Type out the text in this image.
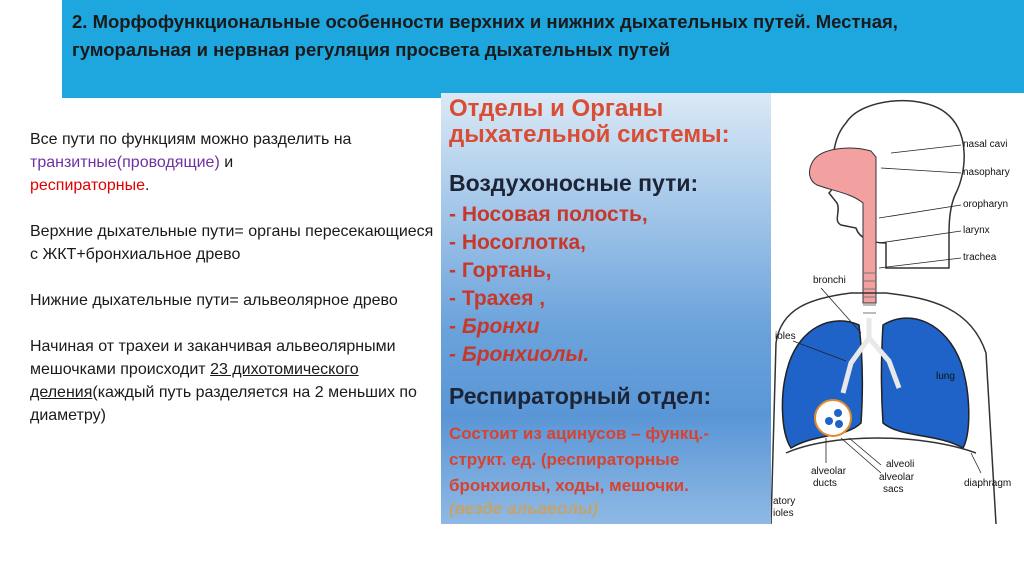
2. Морфофункциональные особенности верхних и нижних дыхательных путей. Местная, гуморальная и нервная регуляция просвета дыхательных путей

Все пути по функциям можно разделить на транзитные(проводящие) и
респираторные.

Верхние дыхательные пути= органы пересекающиеся с ЖКТ+бронхиальное древо

Нижние дыхательные пути= альвеолярное древо

Начиная от трахеи и заканчивая альвеолярными мешочками происходит 23 дихотомического деления(каждый путь разделяется на 2 меньших по диаметру)

Отделы и Органы
дыхательной системы:
Воздухоносные пути:
- Носовая полость,
- Носоглотка,
- Гортань,
- Трахея ,
- Бронхи
- Бронхиолы.
Респираторный отдел:
Состоит из ацинусов – функц.-
структ. ед. (респираторные
бронхиолы, ходы, мешочки.
(везде альвеолы)
nasal cavi
nasophary
oropharyn
larynx
trachea
bronchi
ioles
lung
alveoli
alveolar
ducts
alveolar
sacs
diaphragm
atory
ioles
